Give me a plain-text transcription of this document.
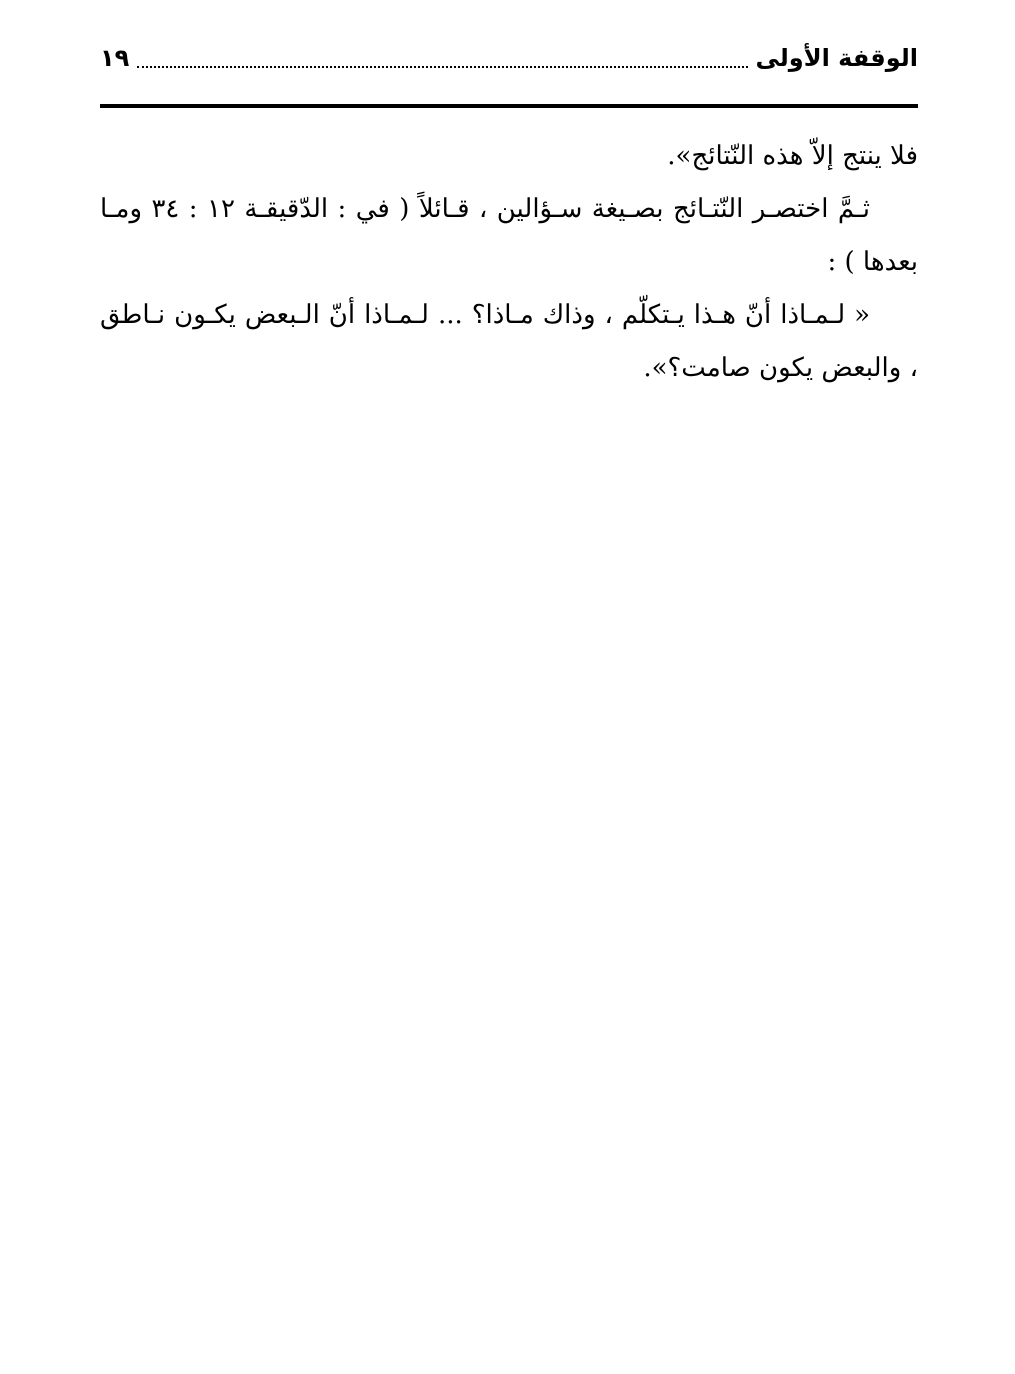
الوقفة الأولى
١٩

فلا ينتج إلاّ هذه النّتائج».

ثـمَّ اختصـر النّتـائج بصـيغة سـؤالين ، قـائلاً ( في : الدّقيقـة ١٢ : ٣٤ ومـا بعدها ) :

« لـمـاذا أنّ هـذا يـتكلّم ، وذاك مـاذا؟ ... لـمـاذا أنّ الـبعض يكـون نـاطق ، والبعض يكون صامت؟».
